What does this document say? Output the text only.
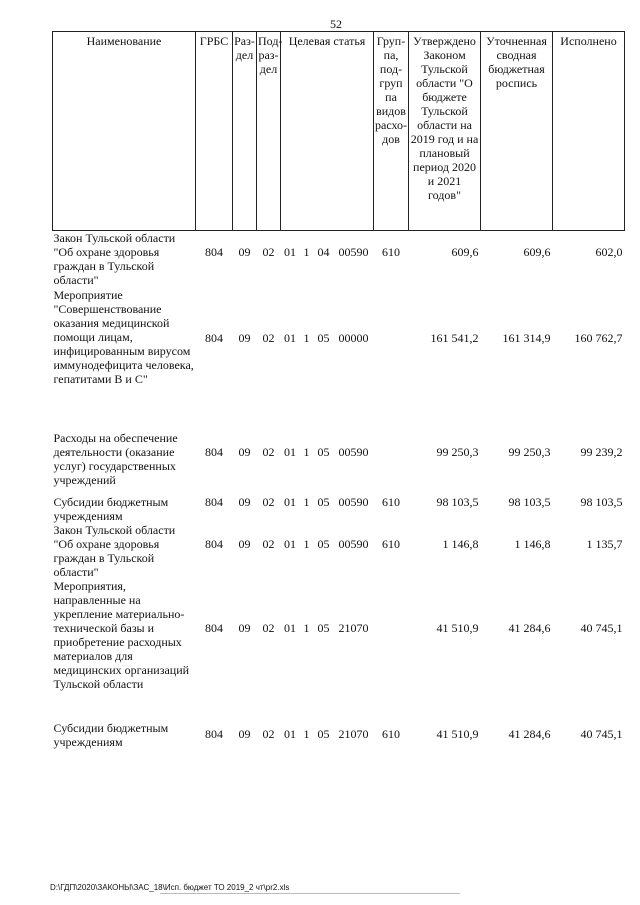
52
Наименование	ГРБС	Раз-дел	Под-раз-дел	Целевая статья				Груп-па, под-груп па видов расхо-дов	Утверждено Законом Тульской области "О бюджете Тульской области на 2019 год и на плановый период 2020 и 2021 годов"	Уточненная сводная бюджетная роспись	Исполнено
Закон Тульской области "Об охране здоровья граждан в Тульской области"	804	09	02	01	1	04	00590	610	609,6	609,6	602,0

Мероприятие "Совершенствование оказания медицинской помощи лицам, инфицированным вирусом иммунодефицита человека, гепатитами В и С"	804	09	02	01	1	05	00000		161 541,2	161 314,9	160 762,7

Расходы на обеспечение деятельности (оказание услуг) государственных учреждений	804	09	02	01	1	05	00590		99 250,3	99 250,3	99 239,2

Субсидии бюджетным учреждениям	804	09	02	01	1	05	00590	610	98 103,5	98 103,5	98 103,5

Закон Тульской области "Об охране здоровья граждан в Тульской области"	804	09	02	01	1	05	00590	610	1 146,8	1 146,8	1 135,7

Мероприятия, направленные на укрепление материально-технической базы и приобретение расходных материалов для медицинских организаций Тульской области	804	09	02	01	1	05	21070		41 510,9	41 284,6	40 745,1

Субсидии бюджетным учреждениям	804	09	02	01	1	05	21070	610	41 510,9	41 284,6	40 745,1
D:\ГДП\2020\ЗАКОНЫ\ЗАС_18\Исп. бюджет ТО 2019_2 чт\pr2.xls
